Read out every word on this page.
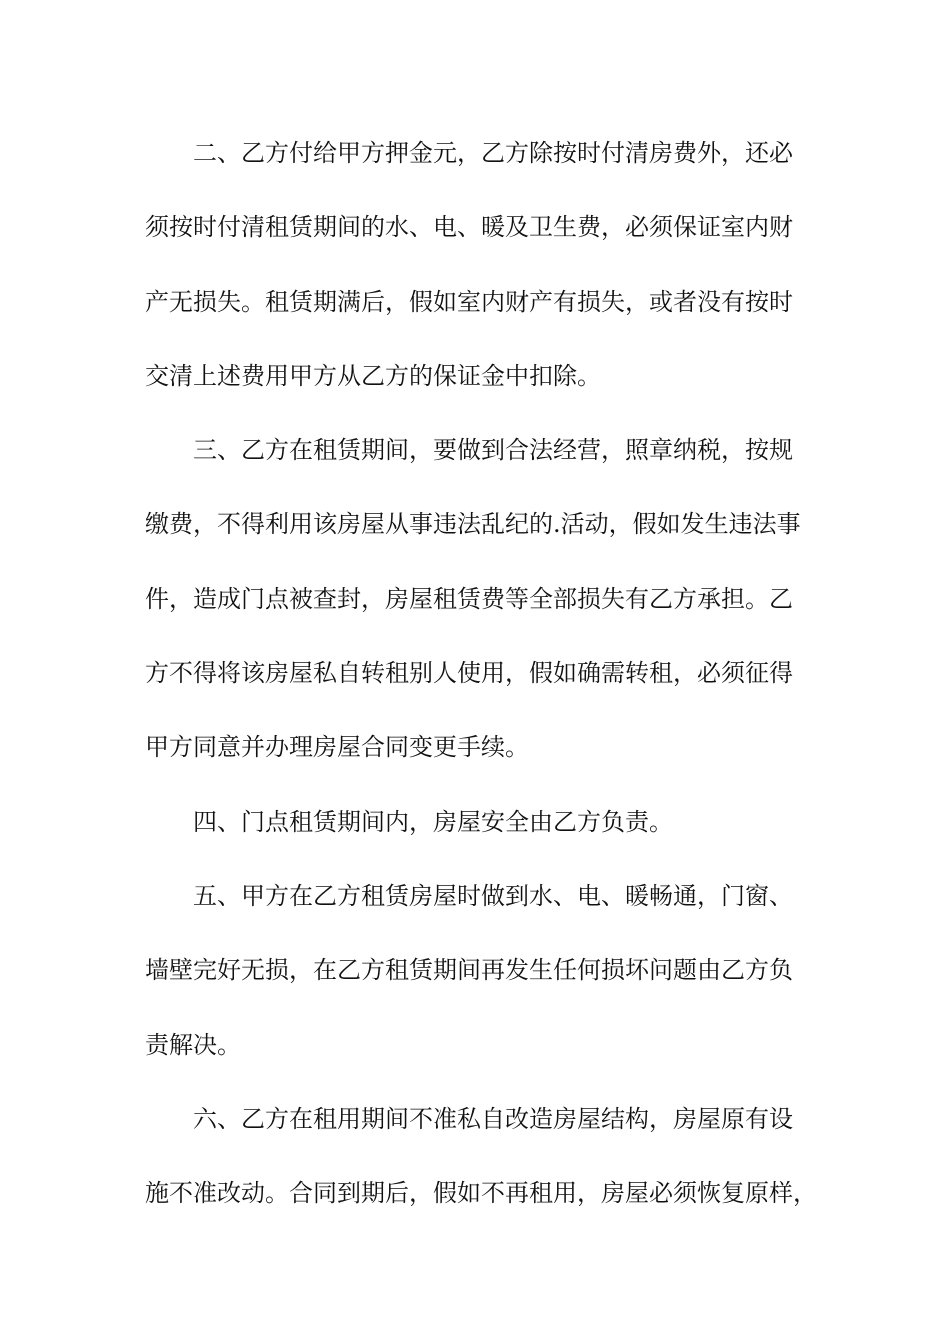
二、乙方付给甲方押金元，乙方除按时付清房费外，还必
须按时付清租赁期间的水、电、暖及卫生费，必须保证室内财
产无损失。租赁期满后，假如室内财产有损失，或者没有按时
交清上述费用甲方从乙方的保证金中扣除。
三、乙方在租赁期间，要做到合法经营，照章纳税，按规
缴费，不得利用该房屋从事违法乱纪的.活动，假如发生违法事
件，造成门点被查封，房屋租赁费等全部损失有乙方承担。乙
方不得将该房屋私自转租别人使用，假如确需转租，必须征得
甲方同意并办理房屋合同变更手续。
四、门点租赁期间内，房屋安全由乙方负责。
五、甲方在乙方租赁房屋时做到水、电、暖畅通，门窗、
墙壁完好无损，在乙方租赁期间再发生任何损坏问题由乙方负
责解决。
六、乙方在租用期间不准私自改造房屋结构，房屋原有设
施不准改动。合同到期后，假如不再租用，房屋必须恢复原样，
